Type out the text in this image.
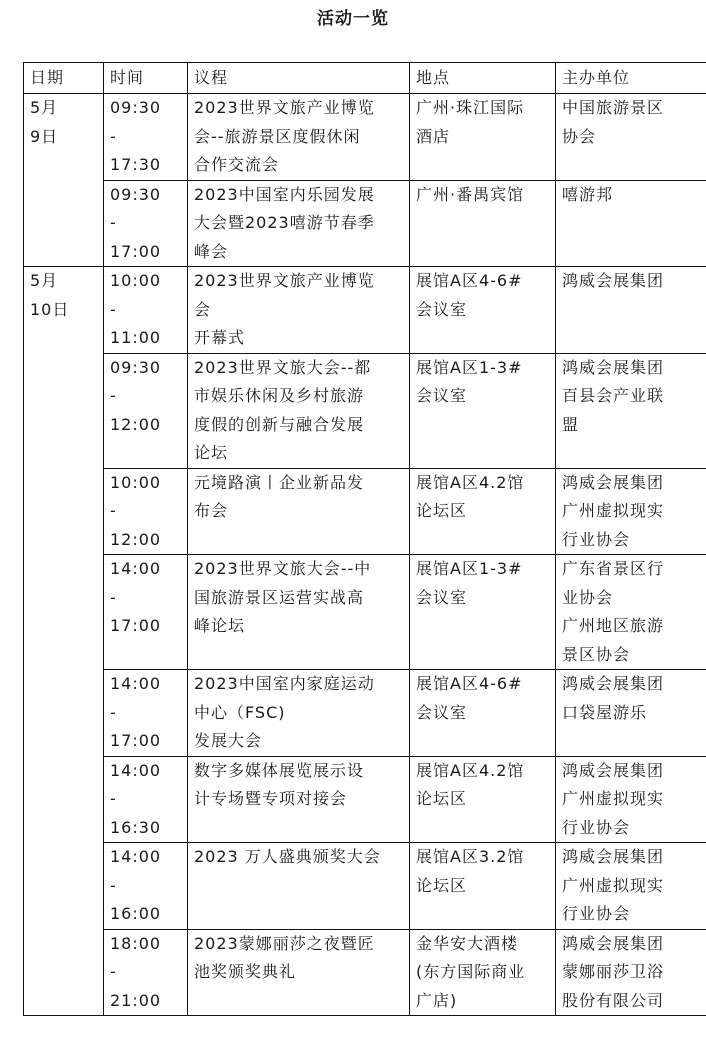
活动一览
日期	时间	议程	地点	主办单位

5月
9日	09:30
-
17:30	2023世界文旅产业博览
会--旅游景区度假休闲
合作交流会	广州·珠江国际
酒店	中国旅游景区
协会

	09:30
-
17:00	2023中国室内乐园发展
大会暨2023嘻游节春季
峰会	广州·番禺宾馆	嘻游邦

5月
10日	10:00
-
11:00	2023世界文旅产业博览
会
开幕式	展馆A区4-6#
会议室	鸿威会展集团

	09:30
-
12:00	2023世界文旅大会--都
市娱乐休闲及乡村旅游
度假的创新与融合发展
论坛	展馆A区1-3#
会议室	鸿威会展集团
百县会产业联
盟

	10:00
-
12:00	元境路演丨企业新品发
布会	展馆A区4.2馆
论坛区	鸿威会展集团
广州虚拟现实
行业协会

	14:00
-
17:00	2023世界文旅大会--中
国旅游景区运营实战高
峰论坛	展馆A区1-3#
会议室	广东省景区行
业协会
广州地区旅游
景区协会

	14:00
-
17:00	2023中国室内家庭运动
中心（FSC)
发展大会	展馆A区4-6#
会议室	鸿威会展集团
口袋屋游乐

	14:00
-
16:30	数字多媒体展览展示设
计专场暨专项对接会	展馆A区4.2馆
论坛区	鸿威会展集团
广州虚拟现实
行业协会

	14:00
-
16:00	2023 万人盛典颁奖大会	展馆A区3.2馆
论坛区	鸿威会展集团
广州虚拟现实
行业协会

	18:00
-
21:00	2023蒙娜丽莎之夜暨匠
池奖颁奖典礼	金华安大酒楼
(东方国际商业
广店)	鸿威会展集团
蒙娜丽莎卫浴
股份有限公司
